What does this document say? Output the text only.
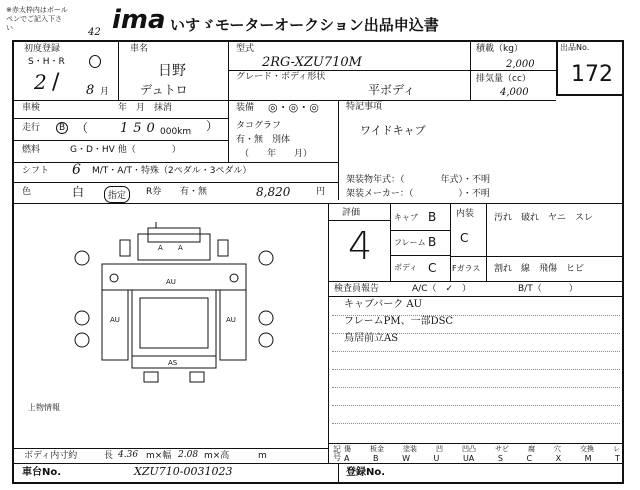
※赤太枠内はボールペンでご記入下さい	42 ima いすゞモーターオークション出品申込書
出品No.
172
初度登録
S・H・R
2 / 8 月
車名
日野
デュトロ
型式
2RG-XZU710M
グレード・ボディ形状
平ボディ
積載（kg）
2,000
排気量（cc）
4,000
車検	年　月　抹消	装備 ◎・◎・◎	特記事項
ワイドキャブ
走行	B （ 150 000km ） タコグラフ
有・無　別体
（　　年　　月）
燃料	G・D・HV 他（　　　　）
シフト 6 M/T・A/T・特殊（2ペダル・3ペダル）
色	白	指定	R券 有・無	8,820	円
架装物年式：（　　　　年式）・不明
架装メーカー：（　　　　　）・不明
評価
4
キャブ B
フレーム B
ボディ C
内装
C
汚れ　破れ　ヤニ　スレ
Fガラス 割れ　線　飛傷　ヒビ
検査員報告	A/C（　✓　）	B/T（　　　）
キャブバーク AU
フレームPM、一部DSC
鳥居前立AS
記号
傷	板金	塗装	凹	凹凸	サビ	腐	穴	交換	レ
A	B	W	U	UA	S	C	X	M	T
AU
AU	AU
AS
A A
上物情報
ボディ内寸約	長 4.36 m×幅 2.08 m×高	m
車台No.	XZU710-0031023	登録No.
